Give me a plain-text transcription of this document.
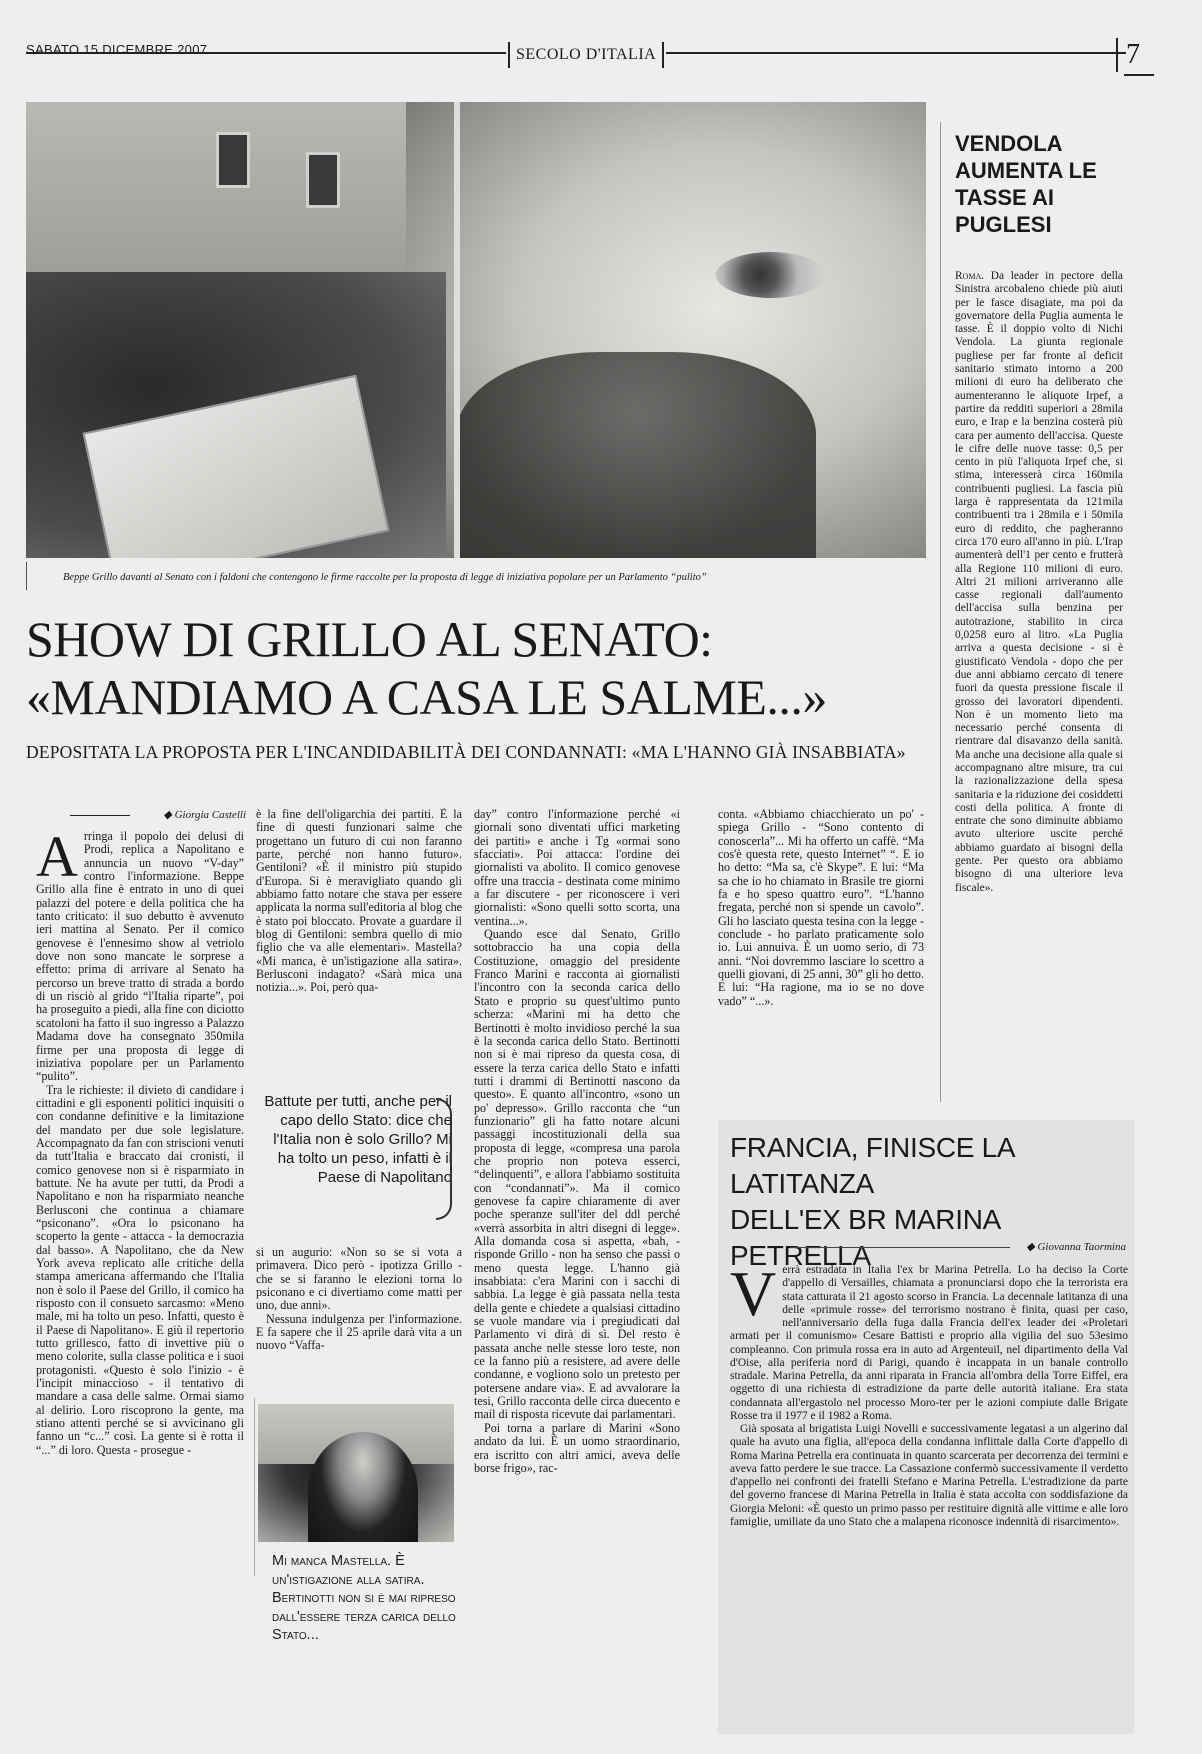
SABATO 15 DICEMBRE 2007	SECOLO D'ITALIA	7
Beppe Grillo davanti al Senato con i faldoni che contengono le firme raccolte per la proposta di legge di iniziativa popolare per un Parlamento “pulito”
SHOW DI GRILLO AL SENATO:
«MANDIAMO A CASA LE SALME...»
DEPOSITATA LA PROPOSTA PER L'INCANDIDABILITÀ DEI CONDANNATI: «MA L'HANNO GIÀ INSABBIATA»
◆ Giorgia Castelli

Arringa il popolo dei delusi di Prodi, replica a Napolitano e annuncia un nuovo “V-day” contro l'informazione. Beppe Grillo alla fine è entrato in uno di quei palazzi del potere e della politica che ha tanto criticato: il suo debutto è avvenuto ieri mattina al Senato. Per il comico genovese è l'ennesimo show al vetriolo dove non sono mancate le sorprese a effetto: prima di arrivare al Senato ha percorso un breve tratto di strada a bordo di un risciò al grido “l'Italia riparte”, poi ha proseguito a piedi, alla fine con diciotto scatoloni ha fatto il suo ingresso a Palazzo Madama dove ha consegnato 350mila firme per una proposta di legge di iniziativa popolare per un Parlamento “pulito”.

Tra le richieste: il divieto di candidare i cittadini e gli esponenti politici inquisiti o con condanne definitive e la limitazione del mandato per due sole legislature. Accompagnato da fan con striscioni venuti da tutt'Italia e braccato dai cronisti, il comico genovese non si è risparmiato in battute. Ne ha avute per tutti, da Prodi a Napolitano e non ha risparmiato neanche Berlusconi che continua a chiamare “psiconano”. «Ora lo psiconano ha scoperto la gente - attacca - la democrazia dal basso». A Napolitano, che da New York aveva replicato alle critiche della stampa americana affermando che l'Italia non è solo il Paese del Grillo, il comico ha risposto con il consueto sarcasmo: «Meno male, mi ha tolto un peso. Infatti, questo è il Paese di Napolitano». E giù il repertorio tutto grillesco, fatto di invettive più o meno colorite, sulla classe politica e i suoi protagonisti. «Questo è solo l'inizio - è l'incipit minaccioso - il tentativo di mandare a casa delle salme. Ormai siamo al delirio. Loro riscoprono la gente, ma stiano attenti perché se si avvicinano gli fanno un “c...” così. La gente si è rotta il “...” di loro. Questa - prosegue -

è la fine dell'oligarchia dei partiti. È la fine di questi funzionari salme che progettano un futuro di cui non faranno parte, perché non hanno futuro». Gentiloni? «È il ministro più stupido d'Europa. Si è meravigliato quando gli abbiamo fatto notare che stava per essere applicata la norma sull'editoria al blog che è stato poi bloccato. Provate a guardare il blog di Gentiloni: sembra quello di mio figlio che va alle elementari». Mastella? «Mi manca, è un'istigazione alla satira». Berlusconi indagato? «Sarà mica una notizia...». Poi, però qua-

Battute per tutti, anche per il capo dello Stato: dice che l'Italia non è solo Grillo? Mi ha tolto un peso, infatti è il Paese di Napolitano

si un augurio: «Non so se si vota a primavera. Dico però - ipotizza Grillo - che se si faranno le elezioni torna lo psiconano e ci divertiamo come matti per uno, due anni».

Nessuna indulgenza per l'informazione. E fa sapere che il 25 aprile darà vita a un nuovo “Vaffa-

Mi manca Mastella. È un'istigazione alla satira. Bertinotti non si è mai ripreso dall'essere terza carica dello Stato...

day” contro l'informazione perché «i giornali sono diventati uffici marketing dei partiti» e anche i Tg «ormai sono sfacciati». Poi attacca: l'ordine dei giornalisti va abolito. Il comico genovese offre una traccia - destinata come minimo a far discutere - per riconoscere i veri giornalisti: «Sono quelli sotto scorta, una ventina...».

Quando esce dal Senato, Grillo sottobraccio ha una copia della Costituzione, omaggio del presidente Franco Marini e racconta ai giornalisti l'incontro con la seconda carica dello Stato e proprio su quest'ultimo punto scherza: «Marini mi ha detto che Bertinotti è molto invidioso perché la sua è la seconda carica dello Stato. Bertinotti non si è mai ripreso da questa cosa, di essere la terza carica dello Stato e infatti tutti i drammi di Bertinotti nascono da questo». E quanto all'incontro, «sono un po' depresso». Grillo racconta che “un funzionario” gli ha fatto notare alcuni passaggi incostituzionali della sua proposta di legge, «compresa una parola che proprio non poteva esserci, “delinquenti”, e allora l'abbiamo sostituita con “condannati”». Ma il comico genovese fa capire chiaramente di aver poche speranze sull'iter del ddl perché «verrà assorbita in altri disegni di legge». Alla domanda cosa si aspetta, «bah, - risponde Grillo - non ha senso che passi o meno questa legge. L'hanno già insabbiata: c'era Marini con i sacchi di sabbia. La legge è già passata nella testa della gente e chiedete a qualsiasi cittadino se vuole mandare via i pregiudicati dal Parlamento vi dirà di sì. Del resto è passata anche nelle stesse loro teste, non ce la fanno più a resistere, ad avere delle condanne, e vogliono solo un pretesto per potersene andare via». E ad avvalorare la tesi, Grillo racconta delle circa duecento e mail di risposta ricevute dai parlamentari.

Poi torna a parlare di Marini «Sono andato da lui. È un uomo straordinario, era iscritto con altri amici, aveva delle borse frigo», rac-

conta. «Abbiamo chiacchierato un po' - spiega Grillo - “Sono contento di conoscerla”... Mi ha offerto un caffè. “Ma cos'è questa rete, questo Internet” “. E io ho detto: “Ma sa, c'è Skype”. E lui: “Ma sa che io ho chiamato in Brasile tre giorni fa e ho speso quattro euro”. “L'hanno fregata, perché non si spende un cavolo”. Gli ho lasciato questa tesina con la legge - conclude - ho parlato praticamente solo io. Lui annuiva. È un uomo serio, di 73 anni. “Noi dovremmo lasciare lo scettro a quelli giovani, di 25 anni, 30” gli ho detto. E lui: “Ha ragione, ma io se no dove vado” “...».

VENDOLA AUMENTA LE TASSE AI PUGLESI
Roma. Da leader in pectore della Sinistra arcobaleno chiede più aiuti per le fasce disagiate, ma poi da governatore della Puglia aumenta le tasse. È il doppio volto di Nichi Vendola. La giunta regionale pugliese per far fronte al deficit sanitario stimato intorno a 200 milioni di euro ha deliberato che aumenteranno le aliquote Irpef, a partire da redditi superiori a 28mila euro, e Irap e la benzina costerà più cara per aumento dell'accisa. Queste le cifre delle nuove tasse: 0,5 per cento in più l'aliquota Irpef che, si stima, interesserà circa 160mila contribuenti pugliesi. La fascia più larga è rappresentata da 121mila contribuenti tra i 28mila e i 50mila euro di reddito, che pagheranno circa 170 euro all'anno in più. L'Irap aumenterà dell'1 per cento e frutterà alla Regione 110 milioni di euro. Altri 21 milioni arriveranno alle casse regionali dall'aumento dell'accisa sulla benzina per autotrazione, stabilito in circa 0,0258 euro al litro. «La Puglia arriva a questa decisione - si è giustificato Vendola - dopo che per due anni abbiamo cercato di tenere fuori da questa pressione fiscale il grosso dei lavoratori dipendenti. Non è un momento lieto ma necessario perché consenta di rientrare dal disavanzo della sanità. Ma anche una decisione alla quale si accompagnano altre misure, tra cui la razionalizzazione della spesa sanitaria e la riduzione dei cosiddetti costi della politica. A fronte di entrate che sono diminuite abbiamo avuto ulteriore uscite perché abbiamo guardato ai bisogni della gente. Per questo ora abbiamo bisogno di una ulteriore leva fiscale».
FRANCIA, FINISCE LA LATITANZA
DELL'EX BR MARINA PETRELLA	◆ Giovanna Taormina

Verrà estradata in Italia l'ex br Marina Petrella. Lo ha deciso la Corte d'appello di Versailles, chiamata a pronunciarsi dopo che la terrorista era stata catturata il 21 agosto scorso in Francia. La decennale latitanza di una delle «primule rosse» del terrorismo nostrano è finita, quasi per caso, nell'anniversario della fuga dalla Francia dell'ex leader dei «Proletari armati per il comunismo» Cesare Battisti e proprio alla vigilia del suo 53esimo compleanno. Con primula rossa era in auto ad Argenteuil, nel dipartimento della Val d'Oise, alla periferia nord di Parigi, quando è incappata in un banale controllo stradale. Marina Petrella, da anni riparata in Francia all'ombra della Torre Eiffel, era oggetto di una richiesta di estradizione da parte delle autorità italiane. Era stata condannata all'ergastolo nel processo Moro-ter per le azioni compiute dalle Brigate Rosse tra il 1977 e il 1982 a Roma.

Già sposata al brigatista Luigi Novelli e successivamente legatasi a un algerino dal quale ha avuto una figlia, all'epoca della condanna inflittale dalla Corte d'appello di Roma Marina Petrella era continuata in quanto scarcerata per decorrenza dei termini e aveva fatto perdere le sue tracce. La Cassazione confermò successivamente il verdetto d'appello nei confronti dei fratelli Stefano e Marina Petrella. L'estradizione da parte del governo francese di Marina Petrella in Italia è stata accolta con soddisfazione da Giorgia Meloni: «È questo un primo passo per restituire dignità alle vittime e alle loro famiglie, umiliate da uno Stato che a malapena riconosce indennità di risarcimento».
